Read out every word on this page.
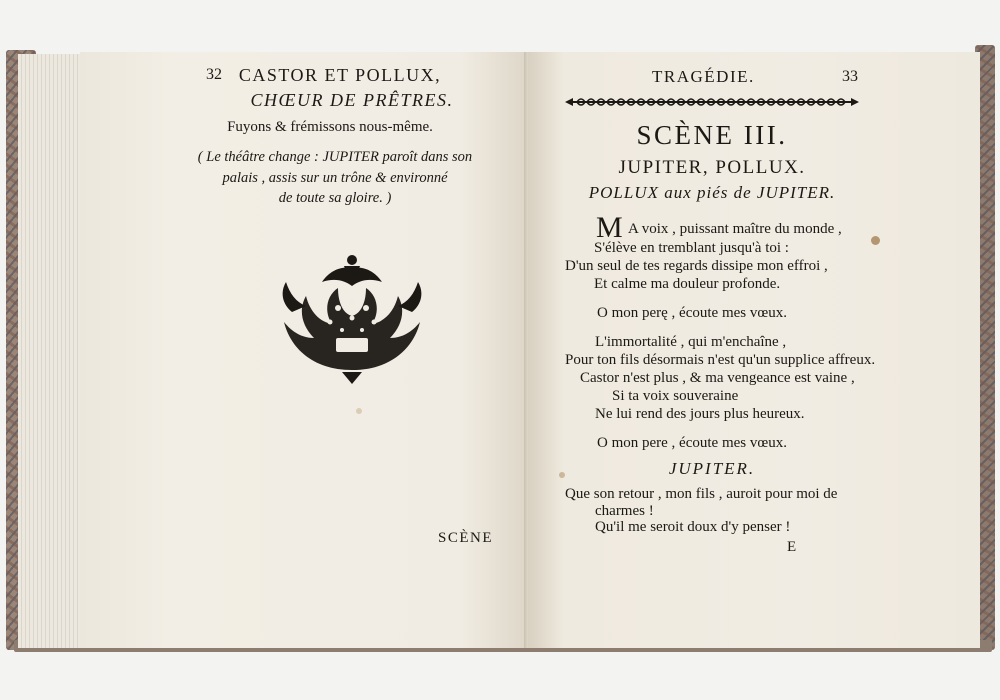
32 CASTOR ET POLLUX,
CHŒUR DE PRÊTRES.
Fuyons & frémissons nous-même.
( Le théâtre change : JUPITER paroît dans son
palais , assis sur un trône & environné
de toute sa gloire. )
SCÈNE
TRAGÉDIE.	33
SCÈNE III.
JUPITER, POLLUX.
POLLUX aux piés de JUPITER.
M A voix , puissant maître du monde ,
S'élève en tremblant jusqu'à toi :
D'un seul de tes regards dissipe mon effroi ,
Et calme ma douleur profonde.
O mon perę , écoute mes vœux.
L'immortalité , qui m'enchaîne ,
Pour ton fils désormais n'est qu'un supplice affreux.
Castor n'est plus , & ma vengeance est vaine ,
Si ta voix souveraine
Ne lui rend des jours plus heureux.
O mon pere , écoute mes vœux.
JUPITER.
Que son retour , mon fils , auroit pour moi de
charmes !
Qu'il me seroit doux d'y penser !
E
